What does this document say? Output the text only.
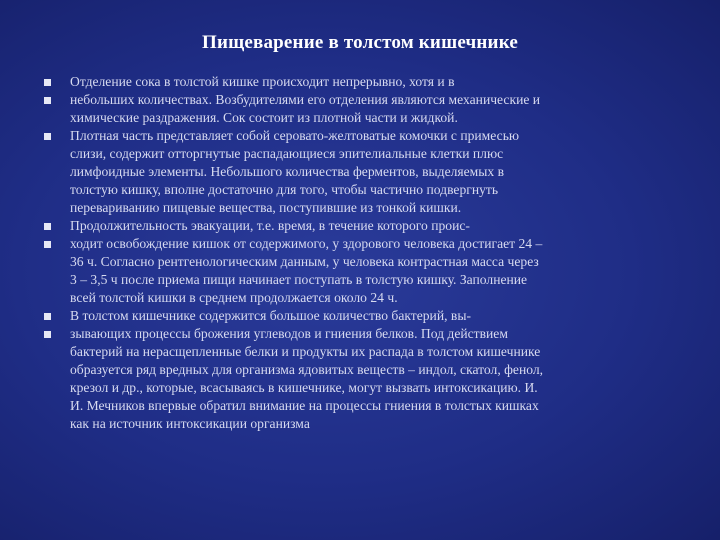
Пищеварение в толстом кишечнике
Отделение сока в толстой кишке происходит непрерывно, хотя и в
небольших количествах. Возбудителями его отделения являются механические и
химические раздражения. Сок состоит из плотной части и жидкой.
Плотная часть представляет собой серовато-желтоватые комочки с примесью
слизи, содержит отторгнутые распадающиеся эпителиальные клетки плюс
лимфоидные элементы. Небольшого количества ферментов, выделяемых в
толстую кишку, вполне достаточно для того, чтобы частично подвергнуть
перевариванию пищевые вещества, поступившие из тонкой кишки.
Продолжительность эвакуации, т.е. время, в течение которого проис-
ходит освобождение кишок от содержимого, у здорового человека достигает 24 –
36 ч. Согласно рентгенологическим данным, у человека контрастная масса через
3 – 3,5 ч после приема пищи начинает поступать в толстую кишку. Заполнение
всей толстой кишки в среднем продолжается около 24 ч.
В толстом кишечнике содержится большое количество бактерий, вы-
зывающих процессы брожения углеводов и гниения белков. Под действием
бактерий на нерасщепленные белки и продукты их распада в толстом кишечнике
образуется ряд вредных для организма ядовитых веществ – индол, скатол, фенол,
крезол и др., которые, всасываясь в кишечнике, могут вызвать интоксикацию. И.
И. Мечников впервые обратил внимание на процессы гниения в толстых кишках
как на источник интоксикации организма
